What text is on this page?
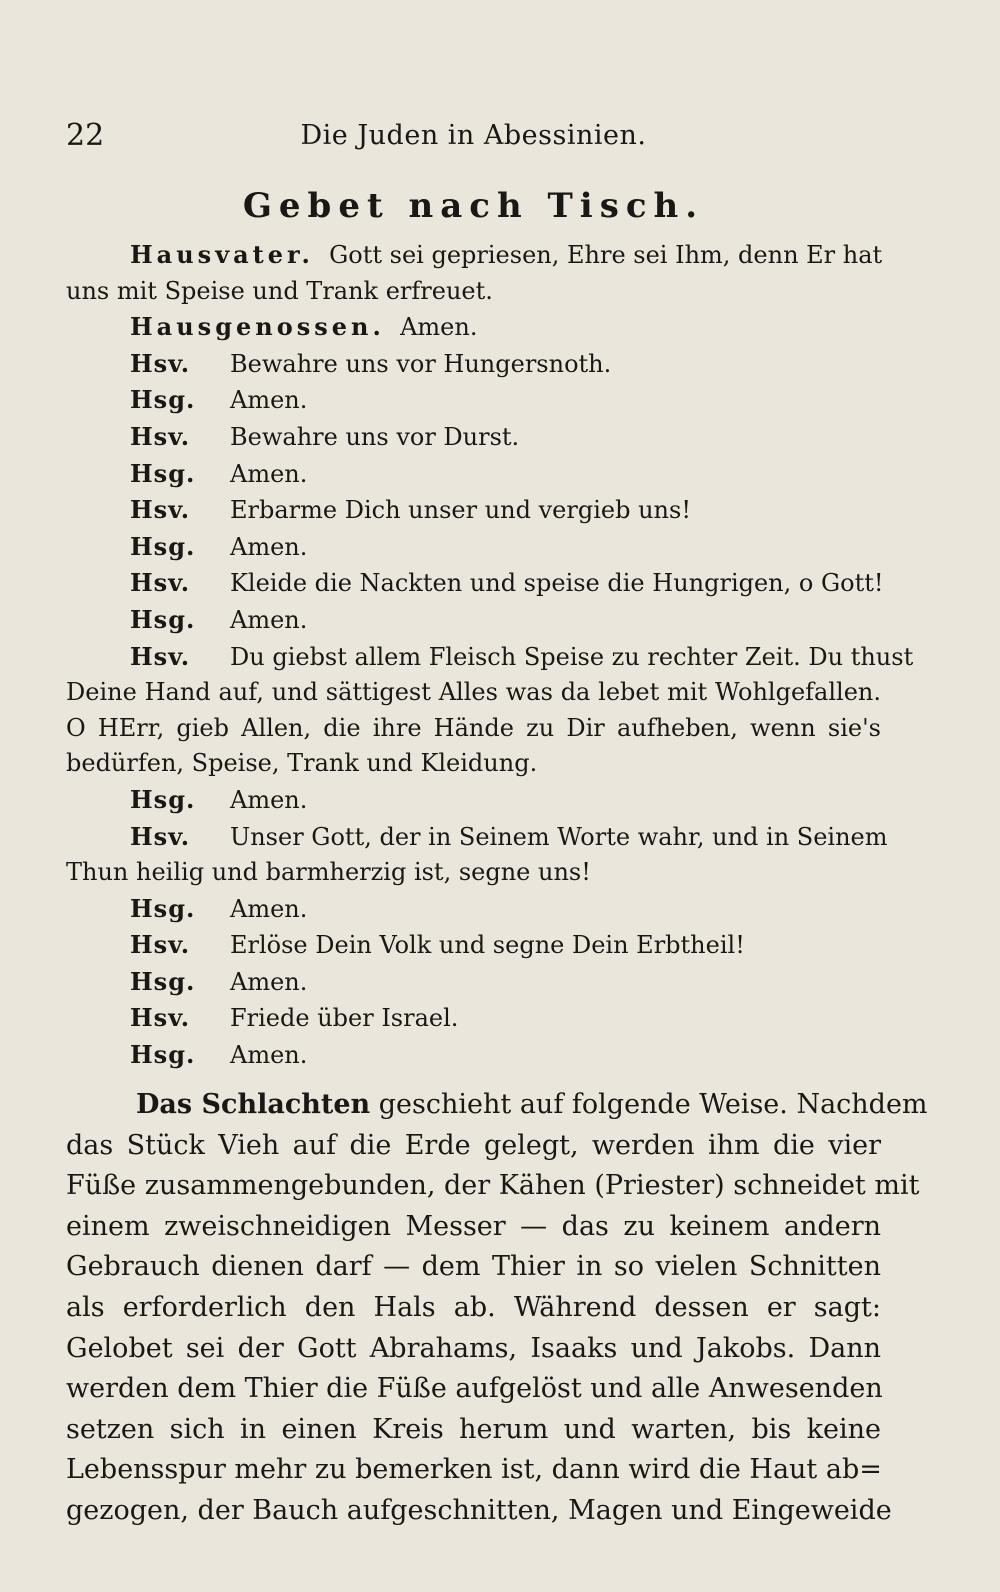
22	Die Juden in Abessinien.
Gebet nach Tisch.
Hausvater. Gott sei gepriesen, Ehre sei Ihm, denn Er hat
uns mit Speise und Trank erfreuet.
Hausgenossen. Amen.
Hsv. Bewahre uns vor Hungersnoth.
Hsg. Amen.
Hsv. Bewahre uns vor Durst.
Hsg. Amen.
Hsv. Erbarme Dich unser und vergieb uns!
Hsg. Amen.
Hsv. Kleide die Nackten und speise die Hungrigen, o Gott!
Hsg. Amen.
Hsv. Du giebst allem Fleisch Speise zu rechter Zeit. Du thust
Deine Hand auf, und sättigest Alles was da lebet mit Wohlgefallen.
O HErr, gieb Allen, die ihre Hände zu Dir aufheben, wenn sie's
bedürfen, Speise, Trank und Kleidung.
Hsg. Amen.
Hsv. Unser Gott, der in Seinem Worte wahr, und in Seinem
Thun heilig und barmherzig ist, segne uns!
Hsg. Amen.
Hsv. Erlöse Dein Volk und segne Dein Erbtheil!
Hsg. Amen.
Hsv. Friede über Israel.
Hsg. Amen.
Das Schlachten geschieht auf folgende Weise. Nachdem
das Stück Vieh auf die Erde gelegt, werden ihm die vier
Füße zusammengebunden, der Kähen (Priester) schneidet mit
einem zweischneidigen Messer — das zu keinem andern
Gebrauch dienen darf — dem Thier in so vielen Schnitten
als erforderlich den Hals ab. Während dessen er sagt:
Gelobet sei der Gott Abrahams, Isaaks und Jakobs. Dann
werden dem Thier die Füße aufgelöst und alle Anwesenden
setzen sich in einen Kreis herum und warten, bis keine
Lebensspur mehr zu bemerken ist, dann wird die Haut ab=
gezogen, der Bauch aufgeschnitten, Magen und Eingeweide
